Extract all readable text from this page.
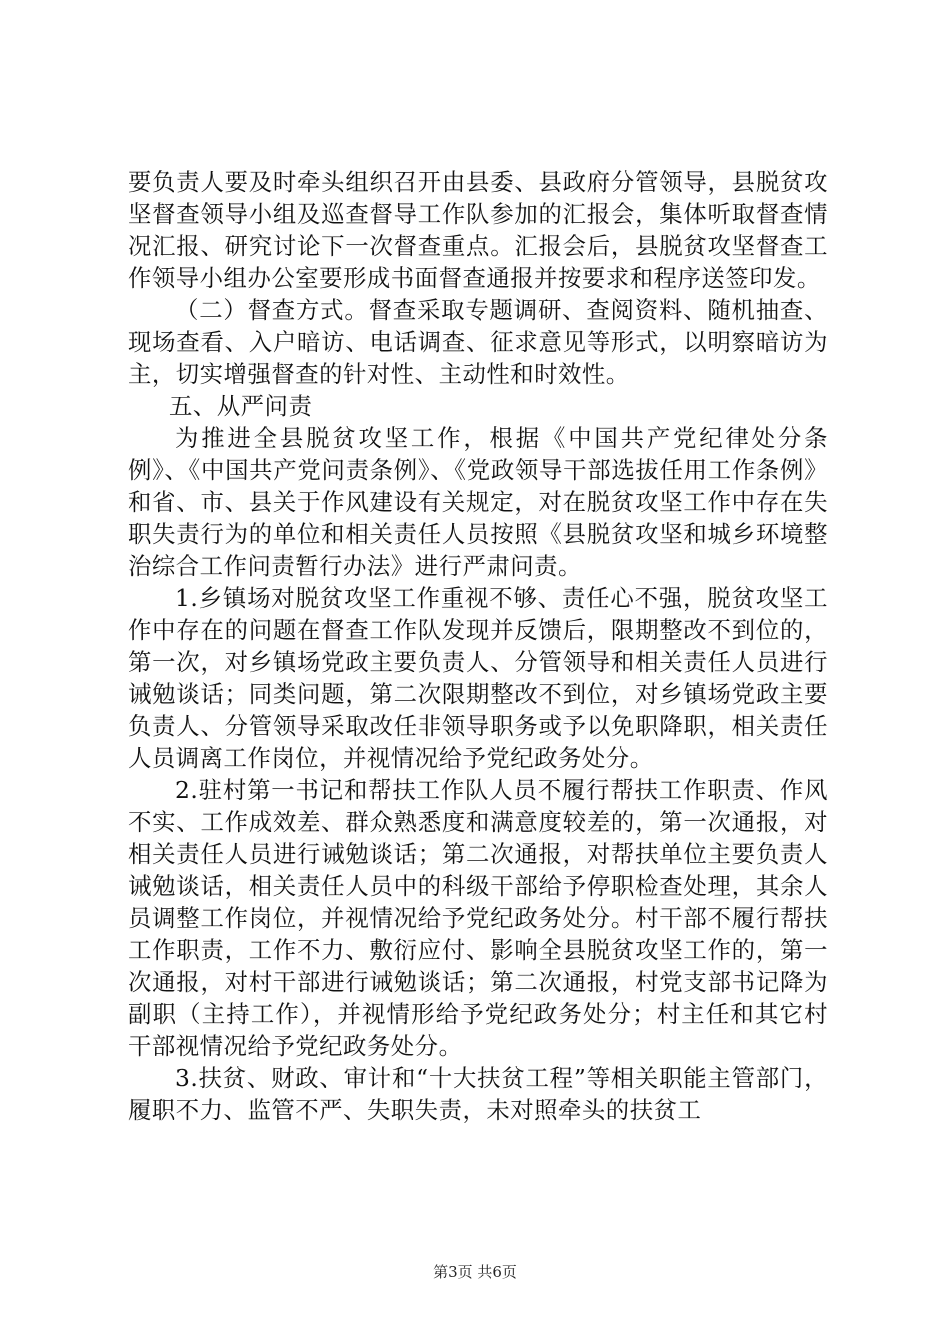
要负责人要及时牵头组织召开由县委、县政府分管领导，县脱贫攻坚督查领导小组及巡查督导工作队参加的汇报会，集体听取督查情况汇报、研究讨论下一次督查重点。汇报会后，县脱贫攻坚督查工作领导小组办公室要形成书面督查通报并按要求和程序送签印发。

（二）督查方式。督查采取专题调研、查阅资料、随机抽查、现场查看、入户暗访、电话调查、征求意见等形式，以明察暗访为主，切实增强督查的针对性、主动性和时效性。

五、从严问责

为推进全县脱贫攻坚工作，根据《中国共产党纪律处分条例》、《中国共产党问责条例》、《党政领导干部选拔任用工作条例》和省、市、县关于作风建设有关规定，对在脱贫攻坚工作中存在失职失责行为的单位和相关责任人员按照《县脱贫攻坚和城乡环境整治综合工作问责暂行办法》进行严肃问责。

1.乡镇场对脱贫攻坚工作重视不够、责任心不强，脱贫攻坚工作中存在的问题在督查工作队发现并反馈后，限期整改不到位的，第一次，对乡镇场党政主要负责人、分管领导和相关责任人员进行诫勉谈话；同类问题，第二次限期整改不到位，对乡镇场党政主要负责人、分管领导采取改任非领导职务或予以免职降职，相关责任人员调离工作岗位，并视情况给予党纪政务处分。

2.驻村第一书记和帮扶工作队人员不履行帮扶工作职责、作风不实、工作成效差、群众熟悉度和满意度较差的，第一次通报，对相关责任人员进行诫勉谈话；第二次通报，对帮扶单位主要负责人诫勉谈话，相关责任人员中的科级干部给予停职检查处理，其余人员调整工作岗位，并视情况给予党纪政务处分。村干部不履行帮扶工作职责，工作不力、敷衍应付、影响全县脱贫攻坚工作的，第一次通报，对村干部进行诫勉谈话；第二次通报，村党支部书记降为副职（主持工作），并视情形给予党纪政务处分；村主任和其它村干部视情况给予党纪政务处分。

3.扶贫、财政、审计和“十大扶贫工程”等相关职能主管部门，履职不力、监管不严、失职失责，未对照牵头的扶贫工

第3页 共6页
